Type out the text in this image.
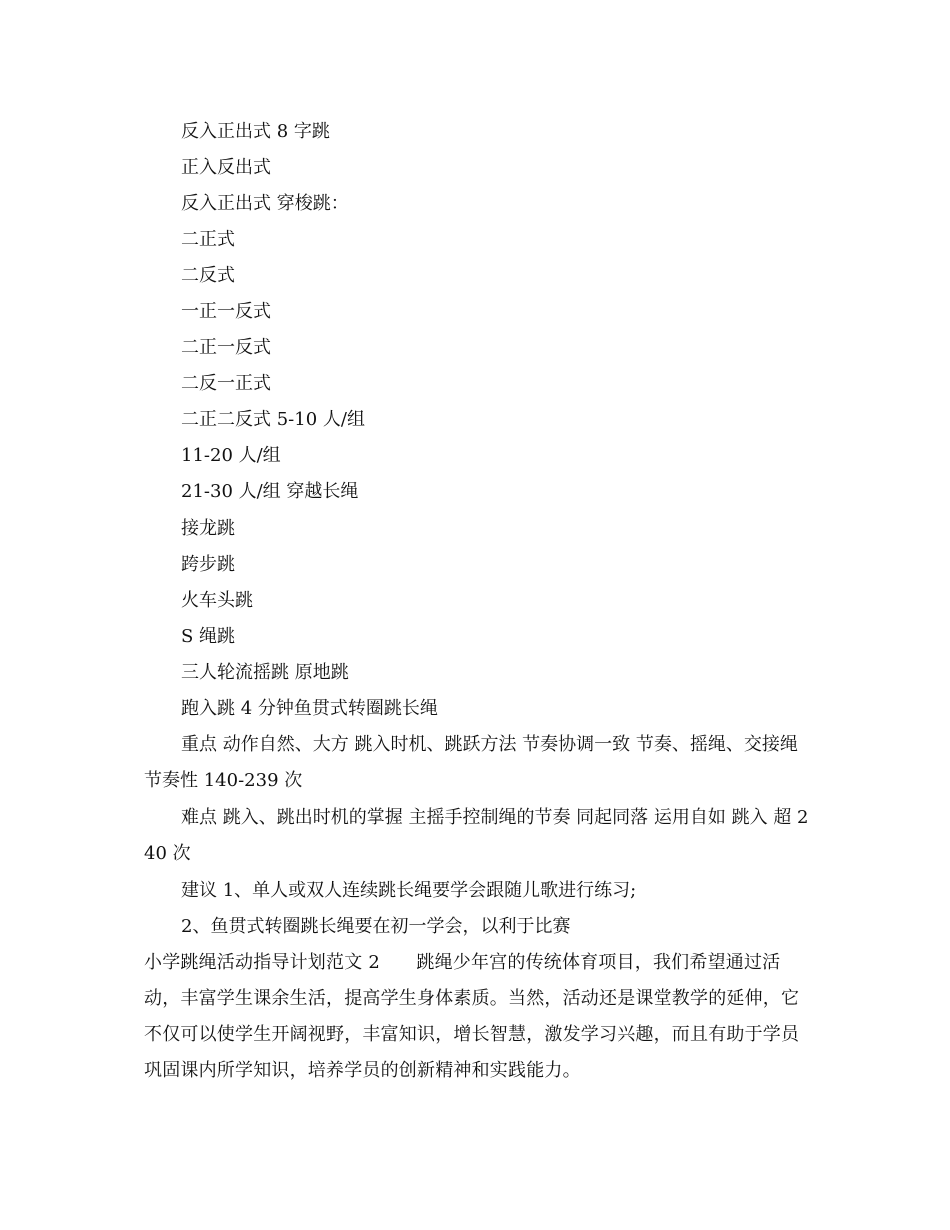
反入正出式 8 字跳
正入反出式
反入正出式 穿梭跳：
二正式
二反式
一正一反式
二正一反式
二反一正式
二正二反式 5-10 人/组
11-20 人/组
21-30 人/组 穿越长绳
接龙跳
跨步跳
火车头跳
S 绳跳
三人轮流摇跳 原地跳
跑入跳 4 分钟鱼贯式转圈跳长绳
重点 动作自然、大方 跳入时机、跳跃方法 节奏协调一致 节奏、摇绳、交接绳 节奏性 140-239 次
难点 跳入、跳出时机的掌握 主摇手控制绳的节奏 同起同落 运用自如 跳入 超 240 次
建议 1、单人或双人连续跳长绳要学会跟随儿歌进行练习;
2、鱼贯式转圈跳长绳要在初一学会，以利于比赛
小学跳绳活动指导计划范文 2　　跳绳少年宫的传统体育项目，我们希望通过活动，丰富学生课余生活，提高学生身体素质。当然，活动还是课堂教学的延伸，它不仅可以使学生开阔视野，丰富知识，增长智慧，激发学习兴趣，而且有助于学员巩固课内所学知识，培养学员的创新精神和实践能力。
